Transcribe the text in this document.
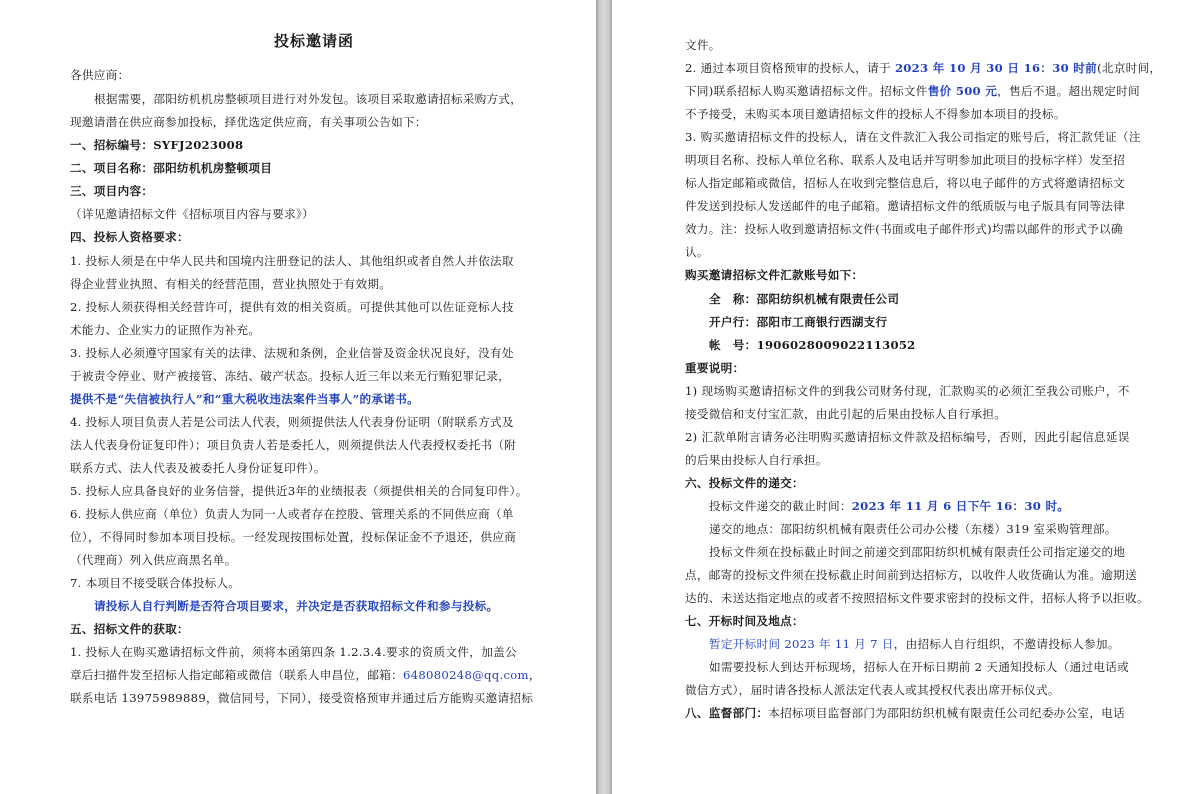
投标邀请函
各供应商：
根据需要，邵阳纺机机房整顿项目进行对外发包。该项目采取邀请招标采购方式，
现邀请潜在供应商参加投标，择优选定供应商，有关事项公告如下：
一、招标编号：SYFJ2023008
二、项目名称：邵阳纺机机房整顿项目
三、项目内容：
（详见邀请招标文件《招标项目内容与要求》）
四、投标人资格要求：
1. 投标人须是在中华人民共和国境内注册登记的法人、其他组织或者自然人并依法取
得企业营业执照、有相关的经营范围，营业执照处于有效期。
2. 投标人须获得相关经营许可，提供有效的相关资质。可提供其他可以佐证竞标人技
术能力、企业实力的证照作为补充。
3. 投标人必须遵守国家有关的法律、法规和条例，企业信誉及资金状况良好，没有处
于被责令停业、财产被接管、冻结、破产状态。投标人近三年以来无行贿犯罪记录，
提供不是“失信被执行人”和“重大税收违法案件当事人”的承诺书。
4. 投标人项目负责人若是公司法人代表，则须提供法人代表身份证明（附联系方式及
法人代表身份证复印件）；项目负责人若是委托人，则须提供法人代表授权委托书（附
联系方式、法人代表及被委托人身份证复印件）。
5. 投标人应具备良好的业务信誉，提供近3年的业绩报表（须提供相关的合同复印件）。
6. 投标人供应商（单位）负责人为同一人或者存在控股、管理关系的不同供应商（单
位），不得同时参加本项目投标。一经发现按围标处置，投标保证金不予退还，供应商
（代理商）列入供应商黑名单。
7. 本项目不接受联合体投标人。
请投标人自行判断是否符合项目要求，并决定是否获取招标文件和参与投标。
五、招标文件的获取：
1. 投标人在购买邀请招标文件前，须将本函第四条 1.2.3.4.要求的资质文件，加盖公
章后扫描件发至招标人指定邮箱或微信（联系人申昌位，邮箱：648080248@qq.com，
联系电话 13975989889，微信同号，下同），接受资格预审并通过后方能购买邀请招标
文件。
2. 通过本项目资格预审的投标人，请于 2023 年 10 月 30 日 16：30 时前(北京时间，
下同)联系招标人购买邀请招标文件。招标文件售价 500 元，售后不退。超出规定时间
不予接受，未购买本项目邀请招标文件的投标人不得参加本项目的投标。
3. 购买邀请招标文件的投标人，请在文件款汇入我公司指定的账号后，将汇款凭证（注
明项目名称、投标人单位名称、联系人及电话并写明参加此项目的投标字样）发至招
标人指定邮箱或微信，招标人在收到完整信息后，将以电子邮件的方式将邀请招标文
件发送到投标人发送邮件的电子邮箱。邀请招标文件的纸质版与电子版具有同等法律
效力。注：投标人收到邀请招标文件(书面或电子邮件形式)均需以邮件的形式予以确
认。
购买邀请招标文件汇款账号如下：
全　称：邵阳纺织机械有限责任公司
开户行：邵阳市工商银行西湖支行
帐　号：1906028009022113052
重要说明：
1) 现场购买邀请招标文件的到我公司财务付现，汇款购买的必须汇至我公司账户，不
接受微信和支付宝汇款，由此引起的后果由投标人自行承担。
2) 汇款单附言请务必注明购买邀请招标文件款及招标编号，否则，因此引起信息延误
的后果由投标人自行承担。
六、投标文件的递交：
投标文件递交的截止时间：2023 年 11 月 6 日下午 16：30 时。
递交的地点：邵阳纺织机械有限责任公司办公楼（东楼）319 室采购管理部。
投标文件须在投标截止时间之前递交到邵阳纺织机械有限责任公司指定递交的地
点，邮寄的投标文件须在投标截止时间前到达招标方，以收件人收货确认为准。逾期送
达的、未送达指定地点的或者不按照招标文件要求密封的投标文件，招标人将予以拒收。
七、开标时间及地点：
暂定开标时间 2023 年 11 月 7 日，由招标人自行组织，不邀请投标人参加。
如需要投标人到达开标现场，招标人在开标日期前 2 天通知投标人（通过电话或
微信方式），届时请各投标人派法定代表人或其授权代表出席开标仪式。
八、监督部门：本招标项目监督部门为邵阳纺织机械有限责任公司纪委办公室，电话
